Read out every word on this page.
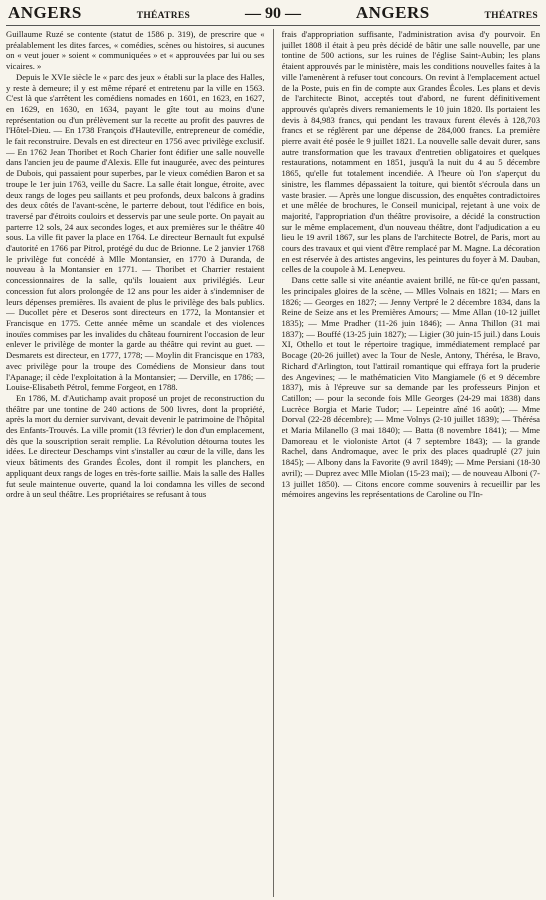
ANGERS	THÉATRES	— 90 —	ANGERS	THÉATRES

Guillaume Ruzé se contente (statut de 1586 p. 319), de prescrire que « préalablement les dites farces, « comédies, scènes ou histoires, si aucunes on « veut jouer » soient « communiquées » et « approuvées par lui ou ses vicaires. »

Depuis le XVIe siècle le « parc des jeux » établi sur la place des Halles, y reste à demeure; il y est même réparé et entretenu par la ville en 1563. C'est là que s'arrêtent les comédiens nomades en 1601, en 1623, en 1627, en 1629, en 1630, en 1634, payant le gîte tout au moins d'une représentation ou d'un prélèvement sur la recette au profit des pauvres de l'Hôtel-Dieu. — En 1738 François d'Hauteville, entrepreneur de comédie, le fait reconstruire. Devals en est directeur en 1756 avec privilège exclusif. — En 1762 Jean Thoribet et Roch Charier font édifier une salle nouvelle dans l'ancien jeu de paume d'Alexis. Elle fut inaugurée, avec des peintures de Dubois, qui passaient pour superbes, par le vieux comédien Baron et sa troupe le 1er juin 1763, veille du Sacre. La salle était longue, étroite, avec deux rangs de loges peu saillants et peu profonds, deux balcons à gradins des deux côtés de l'avant-scène, le parterre debout, tout l'édifice en bois, traversé par d'étroits couloirs et desservis par une seule porte. On payait au parterre 12 sols, 24 aux secondes loges, et aux premières sur le théâtre 40 sous. La ville fit paver la place en 1764. Le directeur Bernault fut expulsé d'autorité en 1766 par Pitrol, protégé du duc de Brionne. Le 2 janvier 1768 le privilège fut concédé à Mlle Montansier, en 1770 à Duranda, de nouveau à la Montansier en 1771. — Thoribet et Charrier restaient concessionnaires de la salle, qu'ils louaient aux privilégiés. Leur concession fut alors prolongée de 12 ans pour les aider à s'indemniser de leurs dépenses premières. Ils avaient de plus le privilège des bals publics. — Ducollet père et Deseros sont directeurs en 1772, la Montansier et Francisque en 1775. Cette année même un scandale et des violences inouïes commises par les invalides du château fournirent l'occasion de leur enlever le privilège de monter la garde au théâtre qui revint au guet. — Desmarets est directeur, en 1777, 1778; — Moylin dit Francisque en 1783, avec privilège pour la troupe des Comédiens de Monsieur dans tout l'Apanage; il cède l'exploitation à la Montansier; — Derville, en 1786; — Louise-Elisabeth Pétrol, femme Forgeot, en 1788.

En 1786, M. d'Autichamp avait proposé un projet de reconstruction du théâtre par une tontine de 240 actions de 500 livres, dont la propriété, après la mort du dernier survivant, devait devenir le patrimoine de l'hôpital des Enfants-Trouvés. La ville promit (13 février) le don d'un emplacement, dès que la souscription serait remplie. La Révolution détourna toutes les idées. Le directeur Deschamps vint s'installer au cœur de la ville, dans les vieux bâtiments des Grandes Écoles, dont il rompit les planchers, en appliquant deux rangs de loges en très-forte saillie. Mais la salle des Halles fut seule maintenue ouverte, quand la loi condamna les villes de second ordre à un seul théâtre. Les propriétaires se refusant à tous

frais d'appropriation suffisante, l'administration avisa d'y pourvoir. En juillet 1808 il était à peu près décidé de bâtir une salle nouvelle, par une tontine de 500 actions, sur les ruines de l'église Saint-Aubin; les plans étaient approuvés par le ministère, mais les conditions nouvelles faites à la ville l'amenèrent à refuser tout concours. On revint à l'emplacement actuel de la Poste, puis en fin de compte aux Grandes Écoles. Les plans et devis de l'architecte Binot, acceptés tout d'abord, ne furent définitivement approuvés qu'après divers remaniements le 10 juin 1820. Ils portaient les devis à 84,983 francs, qui pendant les travaux furent élevés à 128,703 francs et se réglèrent par une dépense de 284,000 francs. La première pierre avait été posée le 9 juillet 1821. La nouvelle salle devait durer, sans autre transformation que les travaux d'entretien obligatoires et quelques restaurations, notamment en 1851, jusqu'à la nuit du 4 au 5 décembre 1865, qu'elle fut totalement incendiée. A l'heure où l'on s'aperçut du sinistre, les flammes dépassaient la toiture, qui bientôt s'écroula dans un vaste brasier. — Après une longue discussion, des enquêtes contradictoires et une mêlée de brochures, le Conseil municipal, rejetant à une voix de majorité, l'appropriation d'un théâtre provisoire, a décidé la construction sur le même emplacement, d'un nouveau théâtre, dont l'adjudication a eu lieu le 19 avril 1867, sur les plans de l'architecte Botrel, de Paris, mort au cours des travaux et qui vient d'être remplacé par M. Magne. La décoration en est réservée à des artistes angevins, les peintures du foyer à M. Dauban, celles de la coupole à M. Lenepveu.

Dans cette salle si vite anéantie avaient brillé, ne fût-ce qu'en passant, les principales gloires de la scène, — Mlles Volnais en 1821; — Mars en 1826; — Georges en 1827; — Jenny Vertpré le 2 décembre 1834, dans la Reine de Seize ans et les Premières Amours; — Mme Allan (10-12 juillet 1835); — Mme Pradher (11-26 juin 1846); — Anna Thillon (31 mai 1837); — Bouffé (13-25 juin 1827); — Ligier (30 juin-15 juil.) dans Louis XI, Othello et tout le répertoire tragique, immédiatement remplacé par Bocage (20-26 juillet) avec la Tour de Nesle, Antony, Thérésa, le Bravo, Richard d'Arlington, tout l'attirail romantique qui effraya fort la pruderie des Angevines; — le mathématicien Vito Mangiamele (6 et 9 décembre 1837), mis à l'épreuve sur sa demande par les professeurs Pinjon et Catillon; — pour la seconde fois Mlle Georges (24-29 mai 1838) dans Lucrèce Borgia et Marie Tudor; — Lepeintre aîné 16 août); — Mme Dorval (22-28 décembre); — Mme Volnys (2-10 juillet 1839); — Thérésa et Maria Milanello (3 mai 1840); — Batta (8 novembre 1841); — Mme Damoreau et le violoniste Artot (4 7 septembre 1843); — la grande Rachel, dans Andromaque, avec le prix des places quadruplé (27 juin 1845); — Albony dans la Favorite (9 avril 1849); — Mme Persiani (18-30 avril); — Duprez avec Mlle Miolan (15-23 mai); — de nouveau Alboni (7-13 juillet 1850). — Citons encore comme souvenirs à recueillir par les mémoires angevins les représentations de Caroline ou l'In-
